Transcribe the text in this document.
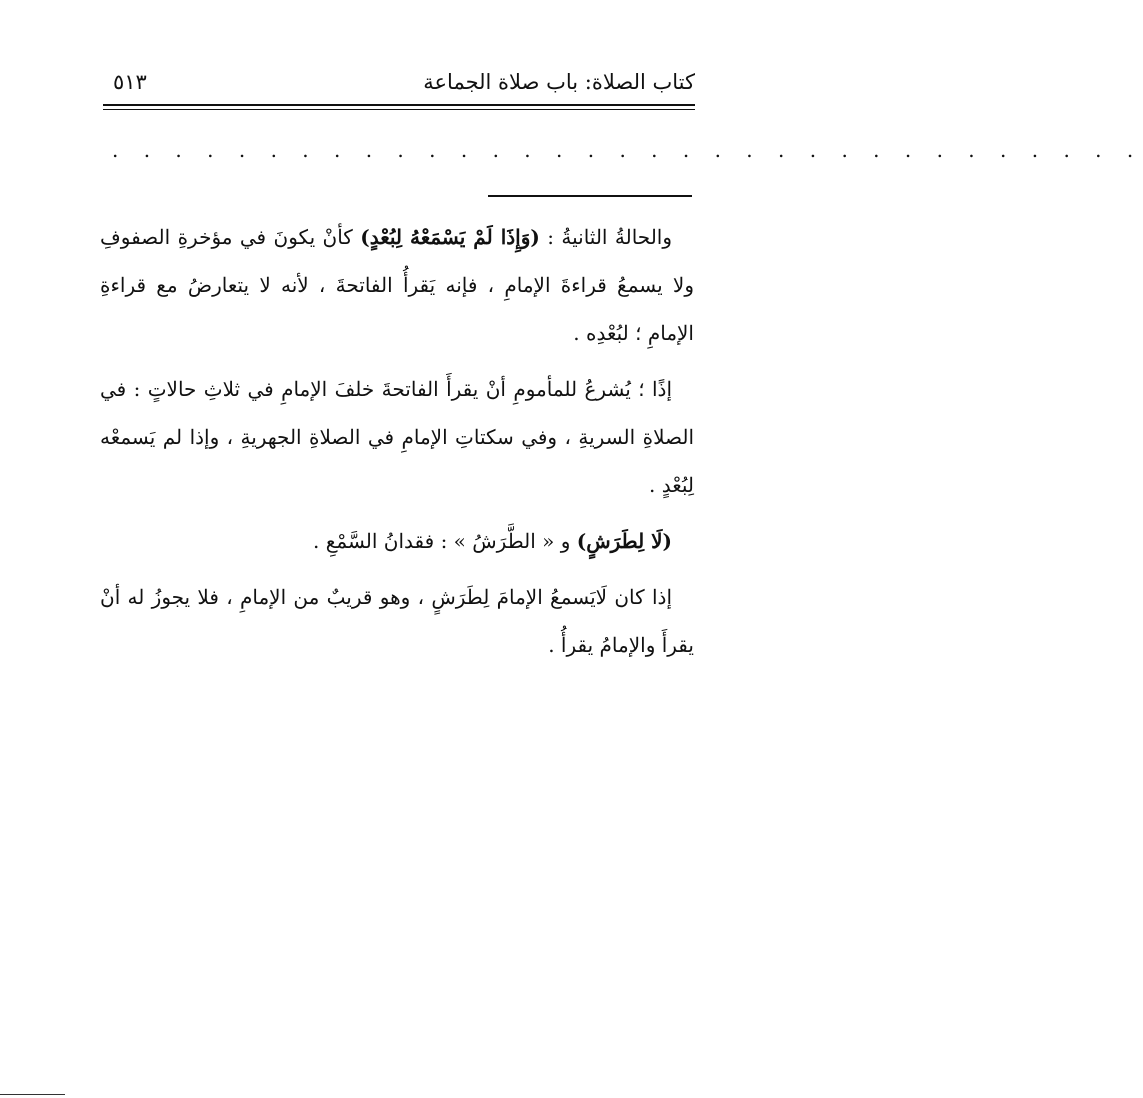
كتاب الصلاة: باب صلاة الجماعة
٥١٣
. . . . . . . . . . . . . . . . . . . . . . . . . . . . . . . . .

والحالةُ الثانيةُ : (وَإِذَا لَمْ يَسْمَعْهُ لِبُعْدٍ) كأنْ يكونَ في مؤخرةِ الصفوفِ ولا يسمعُ قراءةَ الإمامِ ، فإنه يَقرأُ الفاتحةَ ، لأنه لا يتعارضُ مع قراءةِ الإمامِ ؛ لبُعْدِه .

إذًا ؛ يُشرعُ للمأمومِ أنْ يقرأَ الفاتحةَ خلفَ الإمامِ في ثلاثِ حالاتٍ : في الصلاةِ السريةِ ، وفي سكتاتِ الإمامِ في الصلاةِ الجهريةِ ، وإذا لم يَسمعْه لِبُعْدٍ .

(لَا لِطَرَشٍ) و « الطَّرَشُ » : فقدانُ السَّمْعِ .

إذا كان لَايَسمعُ الإمامَ لِطَرَشٍ ، وهو قريبٌ من الإمامِ ، فلا يجوزُ له أنْ يقرأَ والإمامُ يقرأُ .
